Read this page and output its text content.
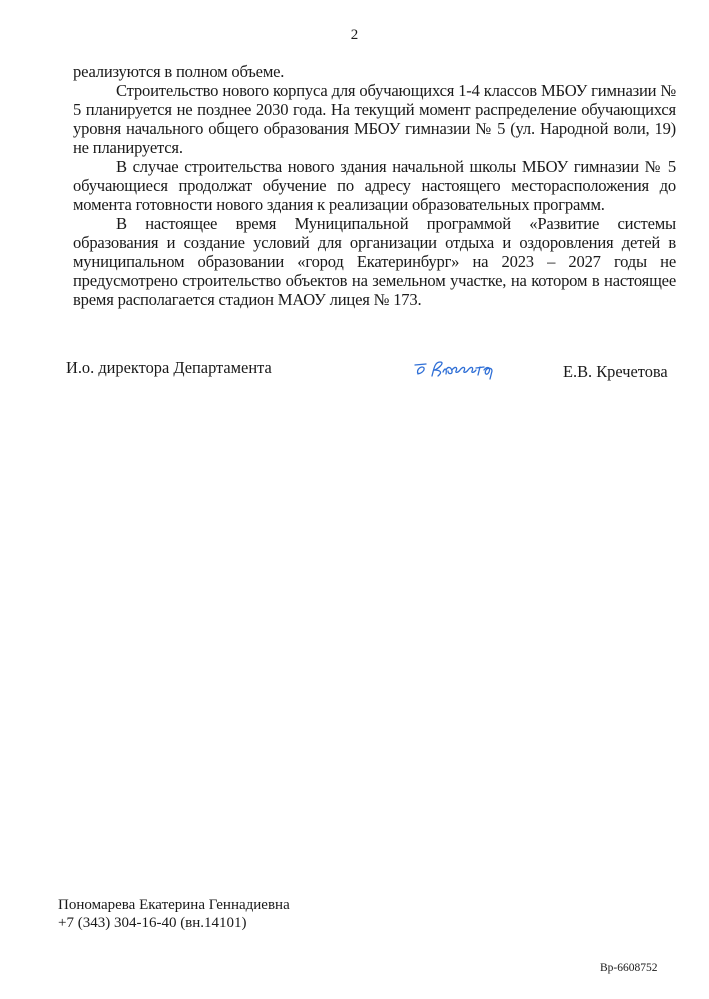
2

реализуются в полном объеме.

Строительство нового корпуса для обучающихся 1-4 классов МБОУ гимназии № 5 планируется не позднее 2030 года. На текущий момент распределение обучающихся уровня начального общего образования МБОУ гимназии № 5 (ул. Народной воли, 19) не планируется.

В случае строительства нового здания начальной школы МБОУ гимназии № 5 обучающиеся продолжат обучение по адресу настоящего месторасположения до момента готовности нового здания к реализации образовательных программ.

В настоящее время Муниципальной программой «Развитие системы образования и создание условий для организации отдыха и оздоровления детей в муниципальном образовании «город Екатеринбург» на 2023 – 2027 годы не предусмотрено строительство объектов на земельном участке, на котором в настоящее время располагается стадион МАОУ лицея № 173.

И.о. директора Департамента	Е.В. Кречетова
Пономарева Екатерина Геннадиевна
+7 (343) 304-16-40 (вн.14101)
Вр-6608752
